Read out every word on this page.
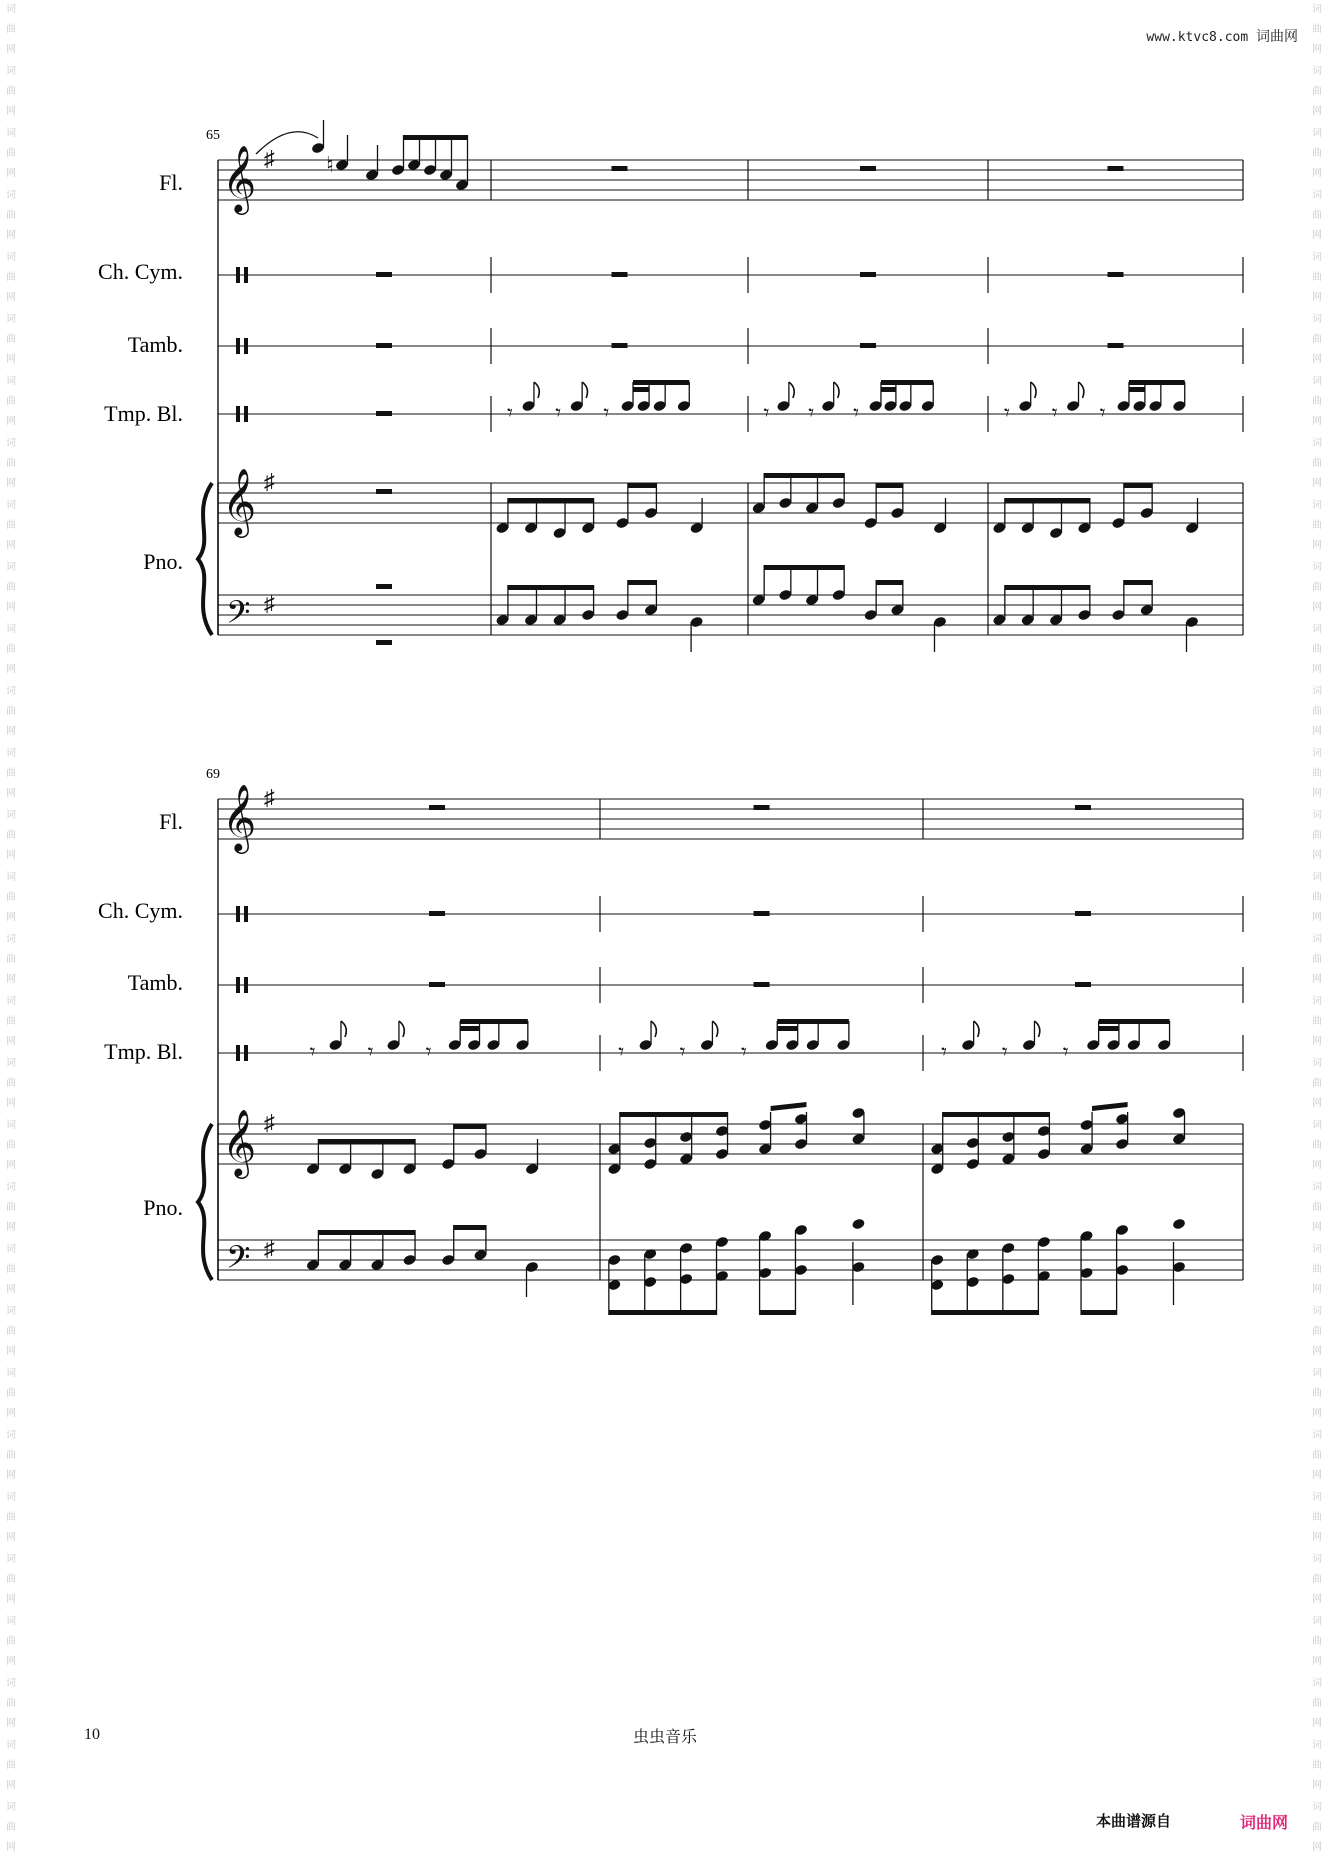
词
曲
网
词
曲
网
词
曲
网
词
曲
网
词
曲
网
词
曲
网
词
曲
网
词
曲
网
词
曲
网
词
曲
网
词
曲
网
词
曲
网
词
曲
网
词
曲
网
词
曲
网
词
曲
网
词
曲
网
词
曲
网
词
曲
网
词
曲
网
词
曲
网
词
曲
网
词
曲
网
词
曲
网
词
曲
网
词
曲
网
词
曲
网
词
曲
网
词
曲
网
词
曲
网
词
曲
网
词
曲
网
词
曲
网
词
曲
网
词
曲
网
词
曲
网
词
曲
网
词
曲
网
词
曲
网
词
曲
网
词
曲
网
词
曲
网
词
曲
网
词
曲
网
词
曲
网
词
曲
网
词
曲
网
词
曲
网
词
曲
网
词
曲
网
词
曲
网
词
曲
网
词
曲
网
词
曲
网
词
曲
网
词
曲
网
词
曲
网
词
曲
网
词
曲
网
词
曲
网
www.ktvc8.com 词曲网
𝄞 ♯
𝄞 ♯
𝄢 ♯
♮
𝄾 𝄾 𝄾	𝄾 𝄾 𝄾	𝄾 𝄾 𝄾
𝄞 ♯
𝄞 ♯
𝄢 ♯
𝄾 𝄾 𝄾	𝄾	𝄾	𝄾	𝄾 𝄾 𝄾
65
Fl.
Ch. Cym.
Tamb.
Tmp. Bl.
Pno.
69
Fl.
Ch. Cym.
Tamb.
Tmp. Bl.
Pno.
10	虫虫音乐
本曲谱源自	词曲网
